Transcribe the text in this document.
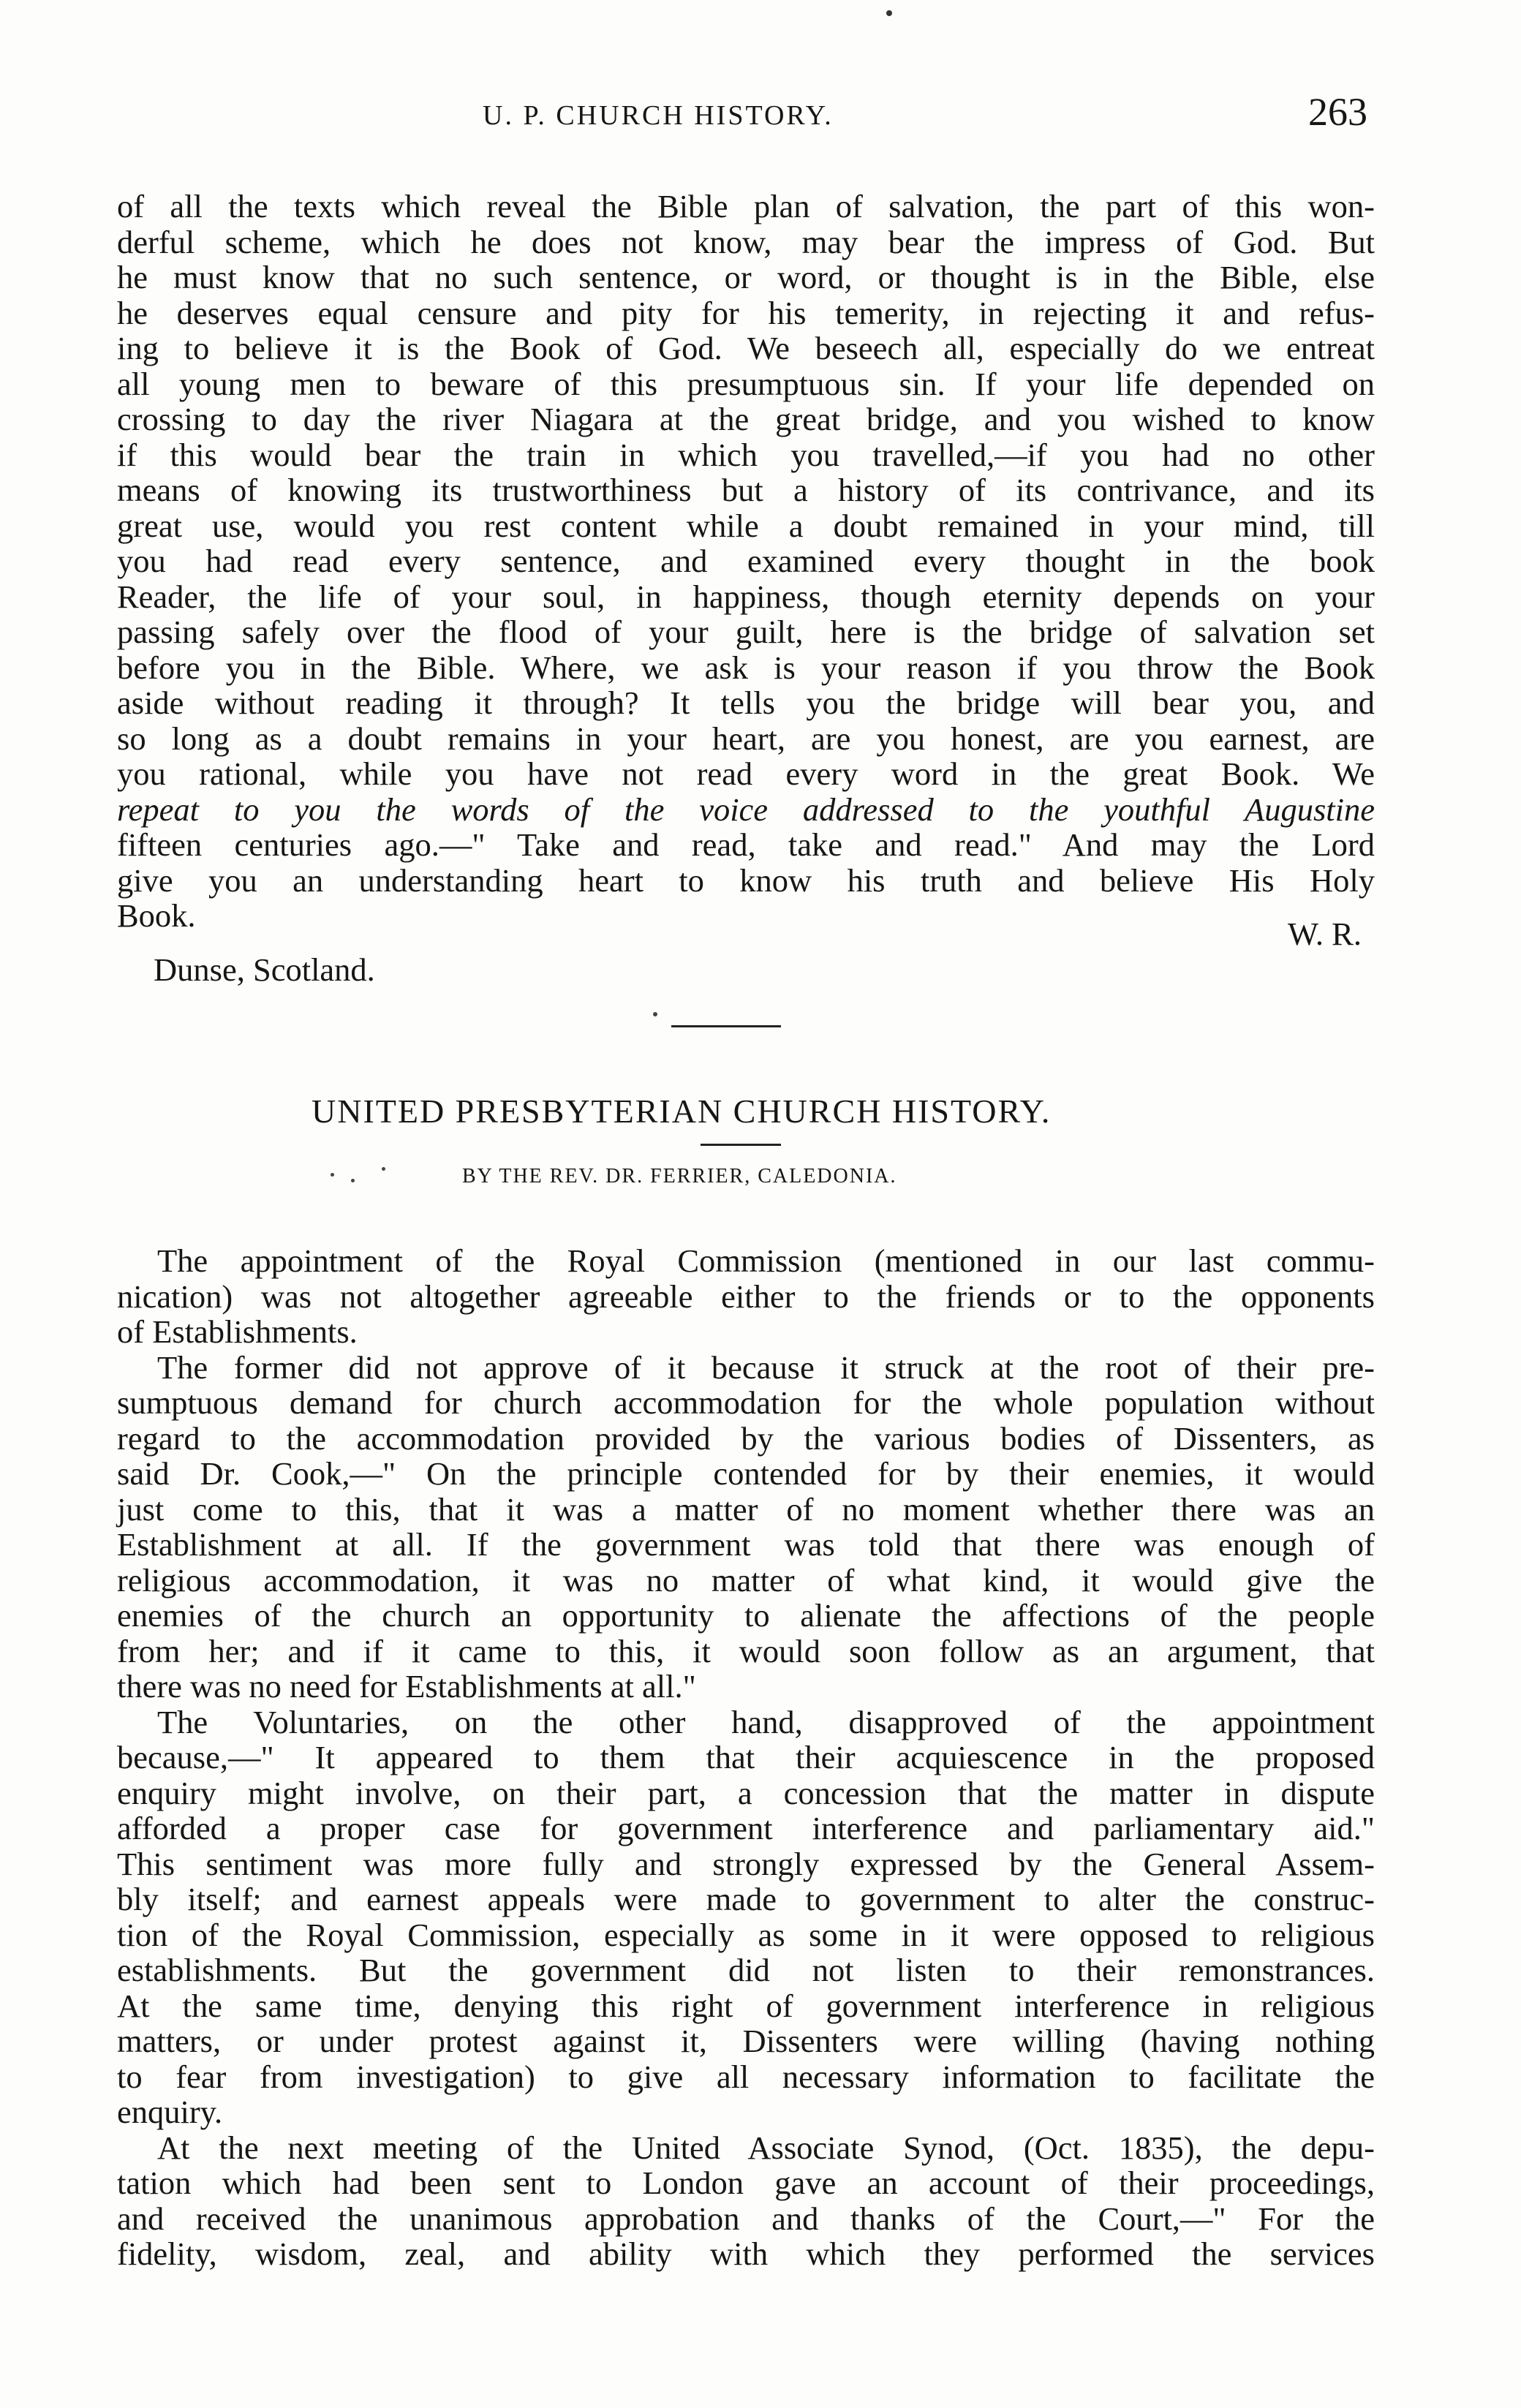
U. P. CHURCH HISTORY.	263

of all the texts which reveal the Bible plan of salvation, the part of this won-
derful scheme, which he does not know, may bear the impress of God. But
he must know that no such sentence, or word, or thought is in the Bible, else
he deserves equal censure and pity for his temerity, in rejecting it and refus-
ing to believe it is the Book of God. We beseech all, especially do we entreat
all young men to beware of this presumptuous sin. If your life depended on
crossing to day the river Niagara at the great bridge, and you wished to know
if this would bear the train in which you travelled,—if you had no other
means of knowing its trustworthiness but a history of its contrivance, and its
great use, would you rest content while a doubt remained in your mind, till
you had read every sentence, and examined every thought in the book
Reader, the life of your soul, in happiness, though eternity depends on your
passing safely over the flood of your guilt, here is the bridge of salvation set
before you in the Bible. Where, we ask is your reason if you throw the Book
aside without reading it through? It tells you the bridge will bear you, and
so long as a doubt remains in your heart, are you honest, are you earnest, are
you rational, while you have not read every word in the great Book. We
repeat to you the words of the voice addressed to the youthful Augustine
fifteen centuries ago.—" Take and read, take and read." And may the Lord
give you an understanding heart to know his truth and believe His Holy
Book.	W. R.
Dunse, Scotland.
UNITED PRESBYTERIAN CHURCH HISTORY.
BY THE REV. DR. FERRIER, CALEDONIA.

The appointment of the Royal Commission (mentioned in our last commu-
nication) was not altogether agreeable either to the friends or to the opponents
of Establishments.

The former did not approve of it because it struck at the root of their pre-
sumptuous demand for church accommodation for the whole population without
regard to the accommodation provided by the various bodies of Dissenters, as
said Dr. Cook,—" On the principle contended for by their enemies, it would
just come to this, that it was a matter of no moment whether there was an
Establishment at all. If the government was told that there was enough of
religious accommodation, it was no matter of what kind, it would give the
enemies of the church an opportunity to alienate the affections of the people
from her; and if it came to this, it would soon follow as an argument, that
there was no need for Establishments at all."

The Voluntaries, on the other hand, disapproved of the appointment
because,—" It appeared to them that their acquiescence in the proposed
enquiry might involve, on their part, a concession that the matter in dispute
afforded a proper case for government interference and parliamentary aid."
This sentiment was more fully and strongly expressed by the General Assem-
bly itself; and earnest appeals were made to government to alter the construc-
tion of the Royal Commission, especially as some in it were opposed to religious
establishments. But the government did not listen to their remonstrances.
At the same time, denying this right of government interference in religious
matters, or under protest against it, Dissenters were willing (having nothing
to fear from investigation) to give all necessary information to facilitate the
enquiry.

At the next meeting of the United Associate Synod, (Oct. 1835), the depu-
tation which had been sent to London gave an account of their proceedings,
and received the unanimous approbation and thanks of the Court,—" For the
fidelity, wisdom, zeal, and ability with which they performed the services
